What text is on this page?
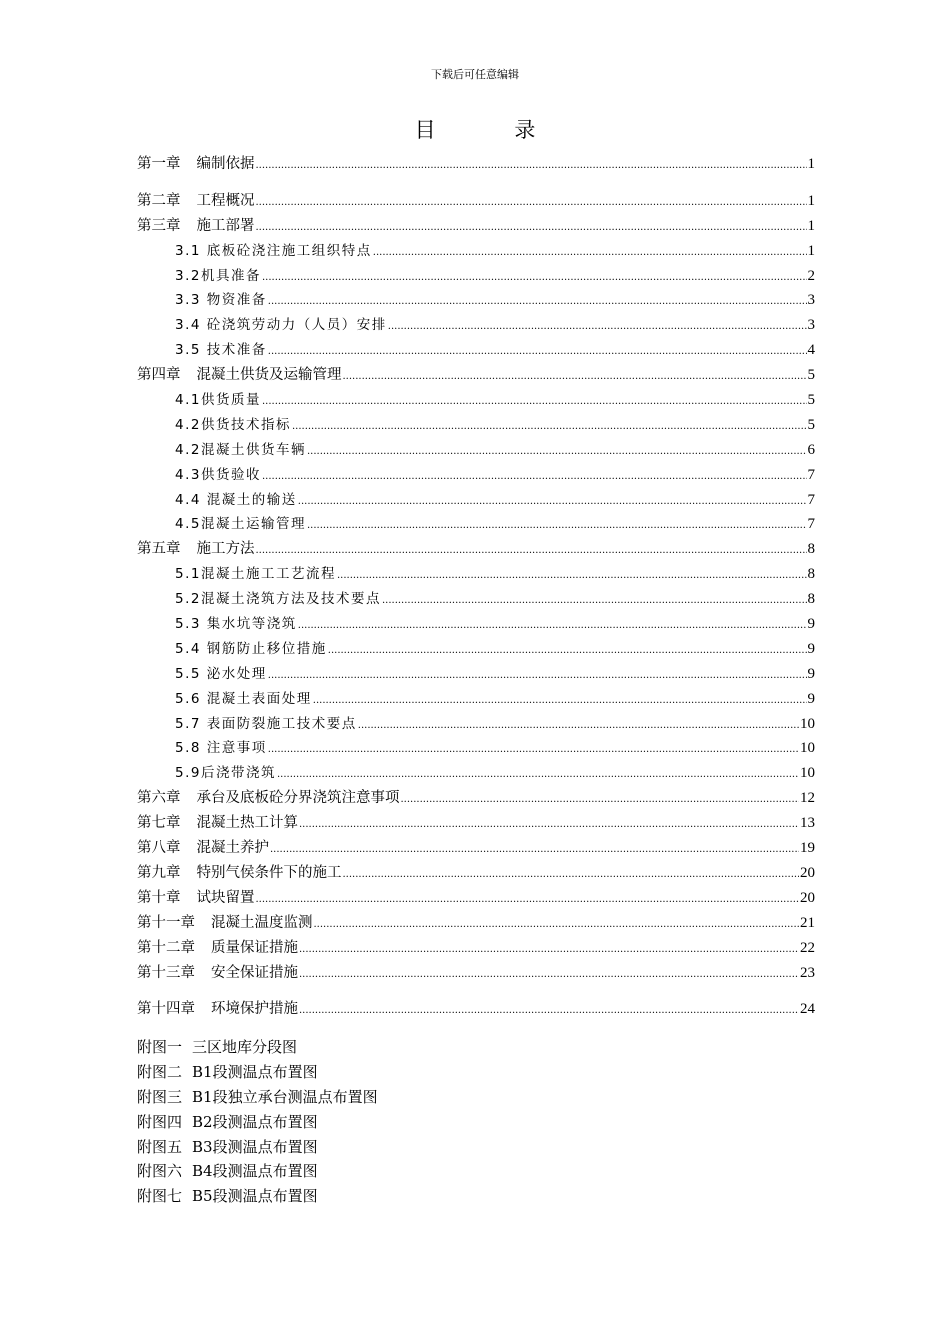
下载后可任意编辑
目 录
第一章 编制依据 .....	1
第二章 工程概况 .....	1
第三章 施工部署 .....	1
3.1 底板砼浇注施工组织特点 .....	1
3.2机具准备 .....	2
3.3 物资准备 .....	3
3.4 砼浇筑劳动力（人员）安排 .....	3
3.5 技术准备 .....	4
第四章 混凝土供货及运输管理 .....	5
4.1供货质量 .....	5
4.2供货技术指标 .....	5
4.2混凝土供货车辆 .....	6
4.3供货验收 .....	7
4.4 混凝土的输送 .....	7
4.5混凝土运输管理 .....	7
第五章 施工方法 .....	8
5.1混凝土施工工艺流程 .....	8
5.2混凝土浇筑方法及技术要点 .....	8
5.3 集水坑等浇筑 .....	9
5.4 钢筋防止移位措施 .....	9
5.5 泌水处理 .....	9
5.6 混凝土表面处理 .....	9
5.7 表面防裂施工技术要点 .....	10
5.8 注意事项 .....	10
5.9后浇带浇筑 .....	10
第六章 承台及底板砼分界浇筑注意事项 .....	12
第七章 混凝土热工计算 .....	13
第八章 混凝土养护 .....	19
第九章 特别气侯条件下的施工 .....	20
第十章 试块留置 .....	20
第十一章 混凝土温度监测 .....	21
第十二章 质量保证措施 .....	22
第十三章 安全保证措施 .....	23
第十四章 环境保护措施 .....	24
附图一 三区地库分段图
附图二 B1段测温点布置图
附图三 B1段独立承台测温点布置图
附图四 B2段测温点布置图
附图五 B3段测温点布置图
附图六 B4段测温点布置图
附图七 B5段测温点布置图
